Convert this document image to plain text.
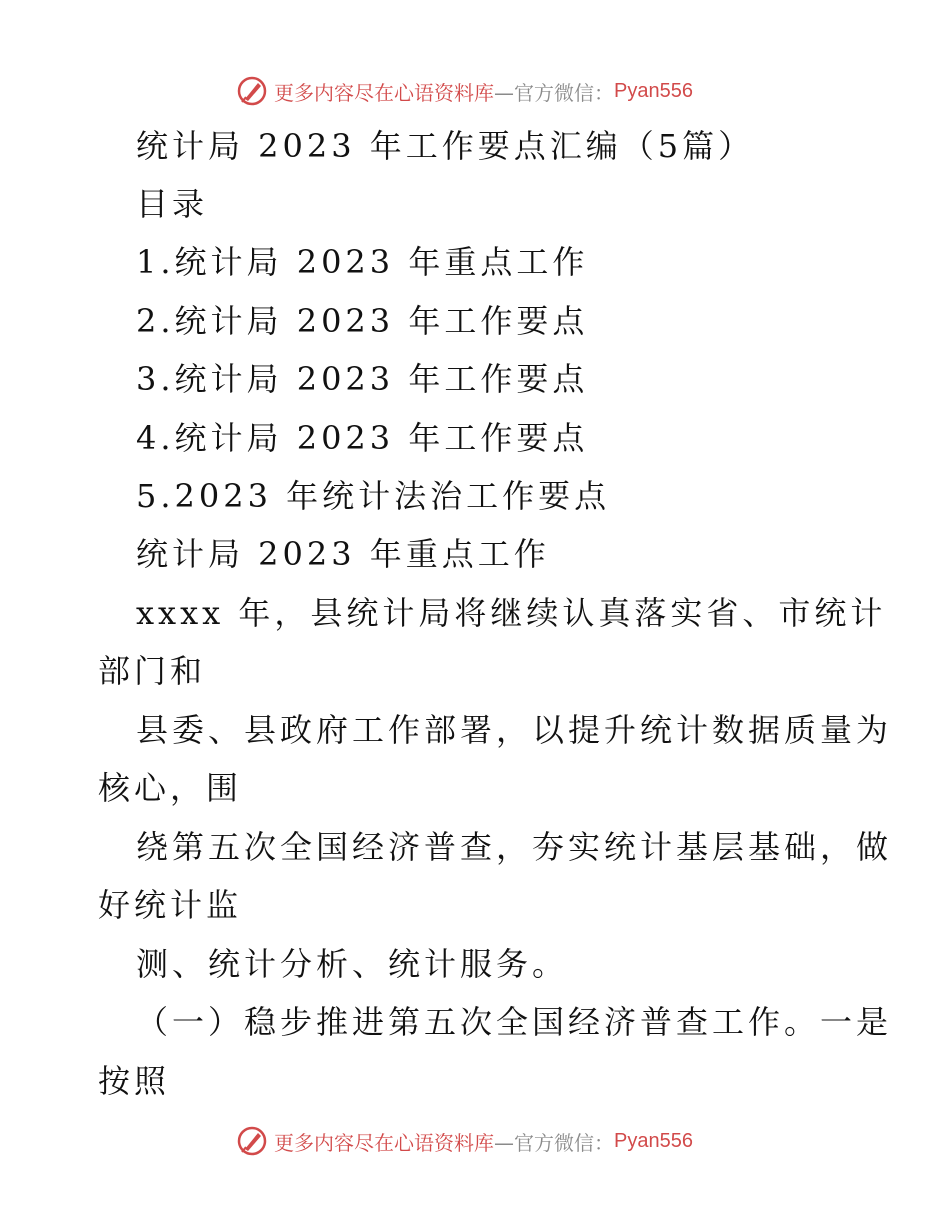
更多内容尽在心语资料库 —官方微信： Pyan556
统计局 2023 年工作要点汇编（5篇）
目录
1.统计局 2023 年重点工作
2.统计局 2023 年工作要点
3.统计局 2023 年工作要点
4.统计局 2023 年工作要点
5.2023 年统计法治工作要点
统计局 2023 年重点工作
xxxx 年，县统计局将继续认真落实省、市统计
部门和
县委、县政府工作部署，以提升统计数据质量为
核心，围
绕第五次全国经济普查，夯实统计基层基础，做
好统计监
测、统计分析、统计服务。
（一）稳步推进第五次全国经济普查工作。一是
按照
更多内容尽在心语资料库 —官方微信： Pyan556
